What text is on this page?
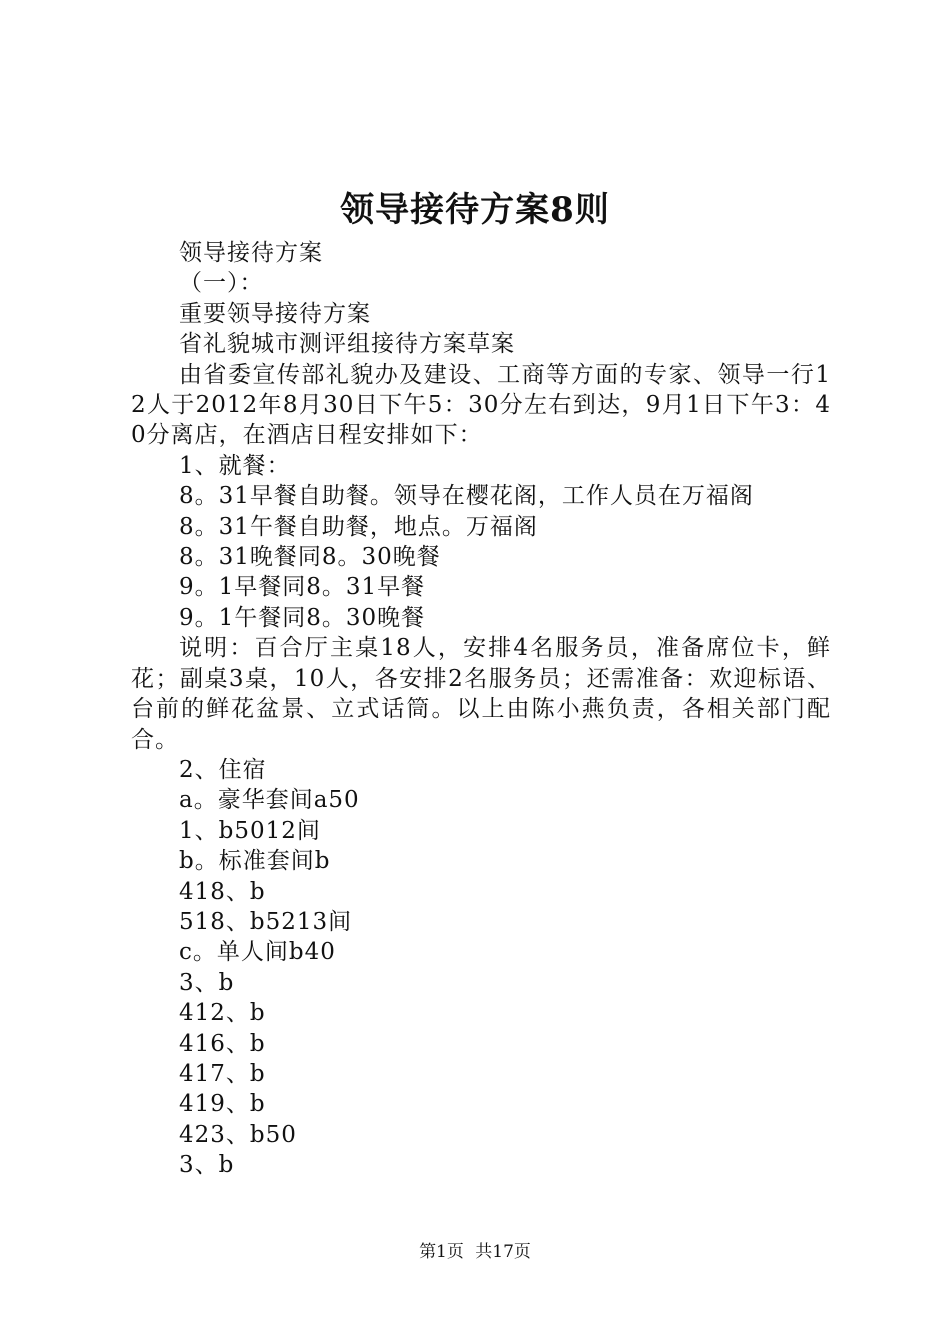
领导接待方案8则

领导接待方案

（一）：

重要领导接待方案

省礼貌城市测评组接待方案草案

由省委宣传部礼貌办及建设、工商等方面的专家、领导一行12人于2012年8月30日下午5：30分左右到达，9月1日下午3：40分离店，在酒店日程安排如下：

1、就餐：

8。31早餐自助餐。领导在樱花阁，工作人员在万福阁

8。31午餐自助餐，地点。万福阁

8。31晚餐同8。30晚餐

9。1早餐同8。31早餐

9。1午餐同8。30晚餐

说明：百合厅主桌18人，安排4名服务员，准备席位卡，鲜花；副桌3桌，10人，各安排2名服务员；还需准备：欢迎标语、台前的鲜花盆景、立式话筒。以上由陈小燕负责，各相关部门配合。

2、住宿

a。豪华套间a50

1、b5012间

b。标准套间b

418、b

518、b5213间

c。单人间b40

3、b

412、b

416、b

417、b

419、b

423、b50

3、b

第1页 共17页
